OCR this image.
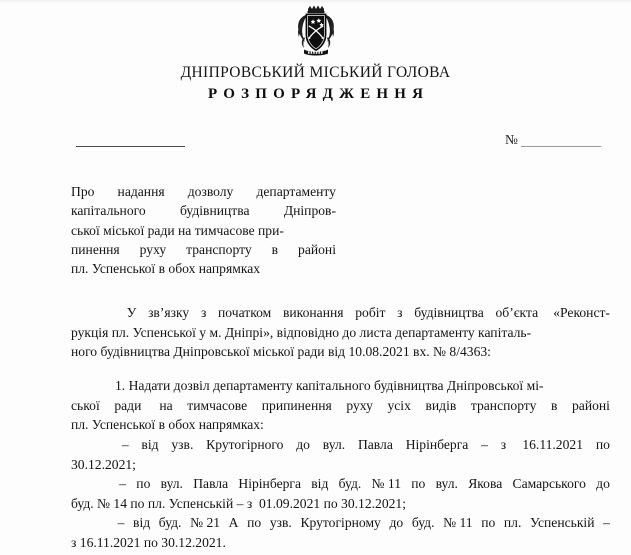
ДНІПРОВСЬКИЙ МІСЬКИЙ ГОЛОВА
РОЗПОРЯДЖЕННЯ
№
Про надання дозволу департаменту
капітального	будівництва	Дніпров-
ської міської ради на тимчасове при-
пинення руху транспорту в районі
пл. Успенської в обох напрямках
У зв’язку з початком виконання робіт з будівництва об’єкта «Реконст-
рукція пл. Успенської у м. Дніпрі», відповідно до листа департаменту капіталь-
ного будівництва Дніпровської міської ради від 10.08.2021 вх. № 8/4363:
1. Надати дозвіл департаменту капітального будівництва Дніпровської мі-
ської ради на тимчасове припинення руху усіх видів транспорту в районі
пл. Успенської в обох напрямках:
– від узв. Крутогірного до вул. Павла Нірінберга – з 16.11.2021 по
30.12.2021;
– по вул. Павла Нірінберга від буд. № 11 по вул. Якова Самарського до
буд. № 14 по пл. Успенській – з  01.09.2021 по 30.12.2021;
– від буд. № 21 А по узв. Крутогірному до буд. № 11 по пл. Успенській –
з 16.11.2021 по 30.12.2021.
